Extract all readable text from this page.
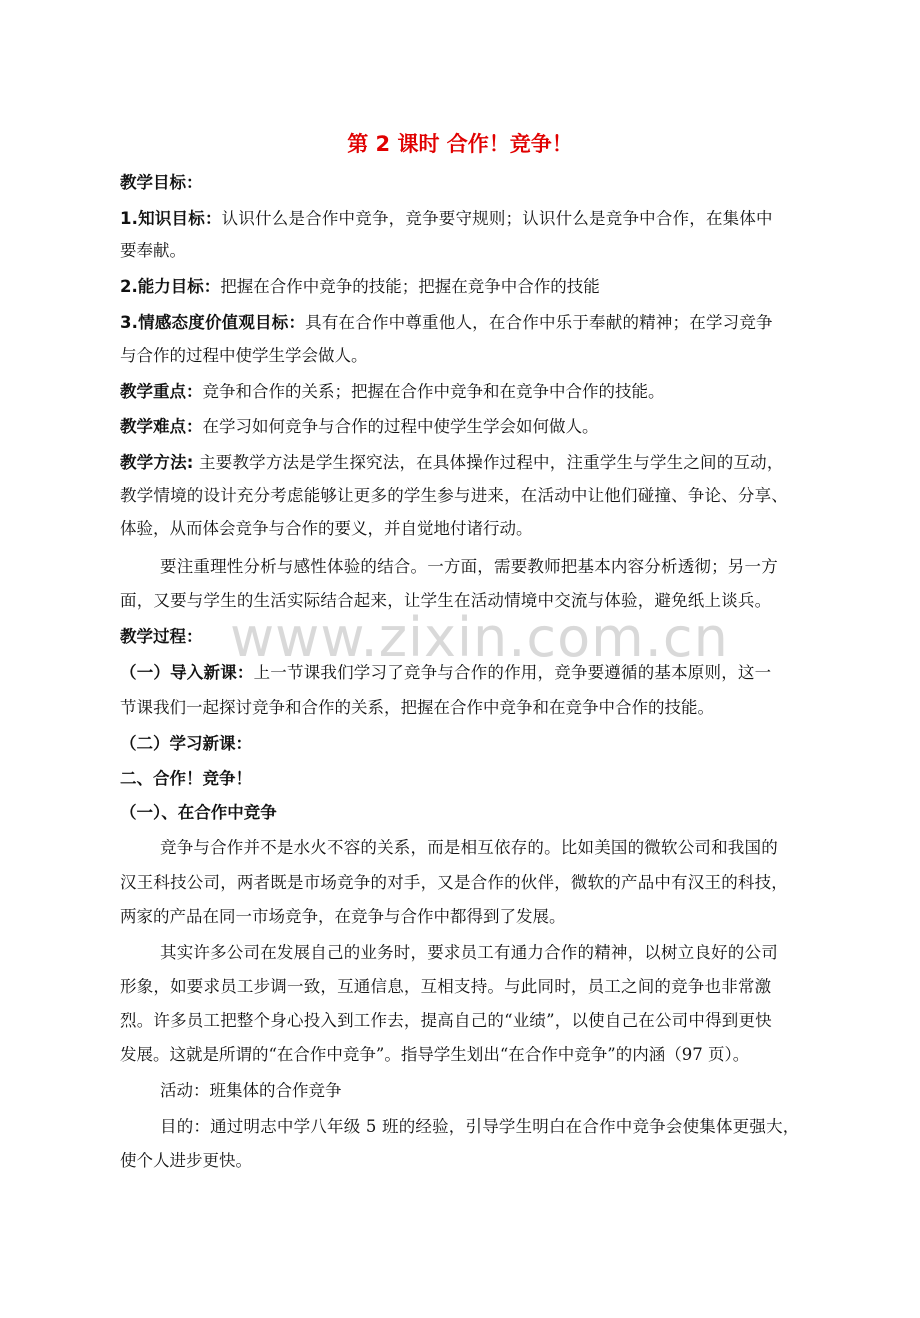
www.zixin.com.cn
第 2 课时 合作！竞争！
教学目标：
1.知识目标：认识什么是合作中竞争，竞争要守规则；认识什么是竞争中合作，在集体中
要奉献。
2.能力目标：把握在合作中竞争的技能；把握在竞争中合作的技能
3.情感态度价值观目标：具有在合作中尊重他人，在合作中乐于奉献的精神；在学习竞争
与合作的过程中使学生学会做人。
教学重点：竞争和合作的关系；把握在合作中竞争和在竞争中合作的技能。
教学难点：在学习如何竞争与合作的过程中使学生学会如何做人。
教学方法: 主要教学方法是学生探究法，在具体操作过程中，注重学生与学生之间的互动，
教学情境的设计充分考虑能够让更多的学生参与进来，在活动中让他们碰撞、争论、分享、
体验，从而体会竞争与合作的要义，并自觉地付诸行动。
要注重理性分析与感性体验的结合。一方面，需要教师把基本内容分析透彻；另一方
面，又要与学生的生活实际结合起来，让学生在活动情境中交流与体验，避免纸上谈兵。
教学过程：
（一）导入新课：上一节课我们学习了竞争与合作的作用，竞争要遵循的基本原则，这一
节课我们一起探讨竞争和合作的关系，把握在合作中竞争和在竞争中合作的技能。
（二）学习新课：
二、合作！竞争！
（一）、在合作中竞争
竞争与合作并不是水火不容的关系，而是相互依存的。比如美国的微软公司和我国的
汉王科技公司，两者既是市场竞争的对手，又是合作的伙伴，微软的产品中有汉王的科技，
两家的产品在同一市场竞争，在竞争与合作中都得到了发展。
其实许多公司在发展自己的业务时，要求员工有通力合作的精神，以树立良好的公司
形象，如要求员工步调一致，互通信息，互相支持。与此同时，员工之间的竞争也非常激
烈。许多员工把整个身心投入到工作去，提高自己的“业绩”，以使自己在公司中得到更快
发展。这就是所谓的“在合作中竞争”。指导学生划出“在合作中竞争”的内涵（97 页）。
活动：班集体的合作竞争
目的：通过明志中学八年级 5 班的经验，引导学生明白在合作中竞争会使集体更强大，
使个人进步更快。
